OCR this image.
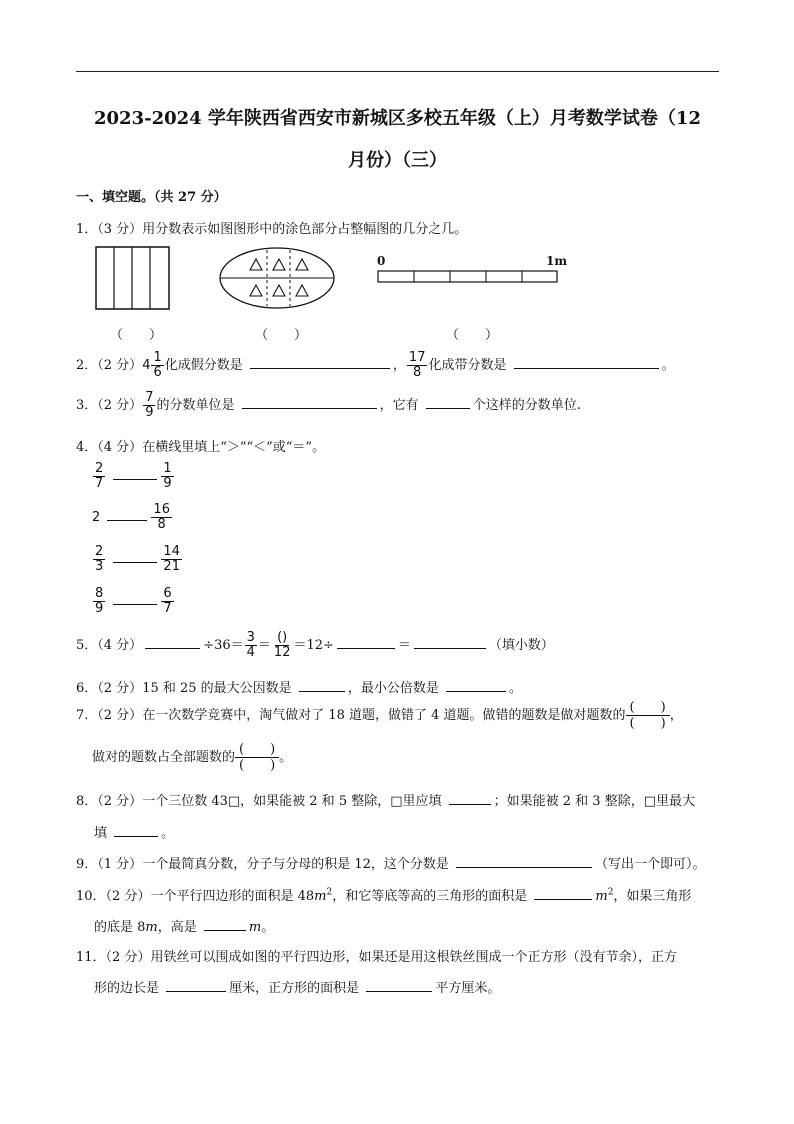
2023-2024 学年陕西省西安市新城区多校五年级（上）月考数学试卷（12
月份）（三）
一、填空题。（共 27 分）
1．（3 分）用分数表示如图图形中的涂色部分占整幅图的几分之几。
0	1m
（　　）	（　　）	（　　）
2．（2 分）$4 \frac{1}{6}$ 化成假分数是	， $\frac{17}{8}$ 化成带分数是	。
3．（2 分） $\frac{7}{9}$ 的分数单位是	，它有	个这样的分数单位.
4．（4 分）在横线里填上“＞”“＜”或“＝”。
$\frac{2}{7}$
	$\frac{1}{9}$
2	$\frac{16}{8}$
$\frac{2}{3}$
	$\frac{14}{21}$
$\frac{8}{9}$
	$\frac{6}{7}$
5．（4 分）	$\div 36= \frac{3}{4} = \frac{()}{12} =12\div$	＝	（填小数）
6．（2 分）15 和 25 的最大公因数是	，最小公倍数是	。
7．（2 分）在一次数学竞赛中，淘气做对了 18 道题，做错了 4 道题。做错的题数是做对题数的
(　　)
(　　)
，
做对的题数占全部题数的
(　　)
(　　)
。
8．（2 分）一个三位数 43□，如果能被 2 和 5 整除，□里应填	；如果能被 2 和 3 整除，□里最大
填	。
9．（1 分）一个最简真分数，分子与分母的积是 12，这个分数是	（写出一个即可）。
10．（2 分）一个平行四边形的面积是 $48m^2$，和它等底等高的三角形的面积是	$m^2$，如果三角形
的底是 8m，高是	m。
11．（2 分）用铁丝可以围成如图的平行四边形，如果还是用这根铁丝围成一个正方形（没有节余），正方
形的边长是	厘米，正方形的面积是	平方厘米。
